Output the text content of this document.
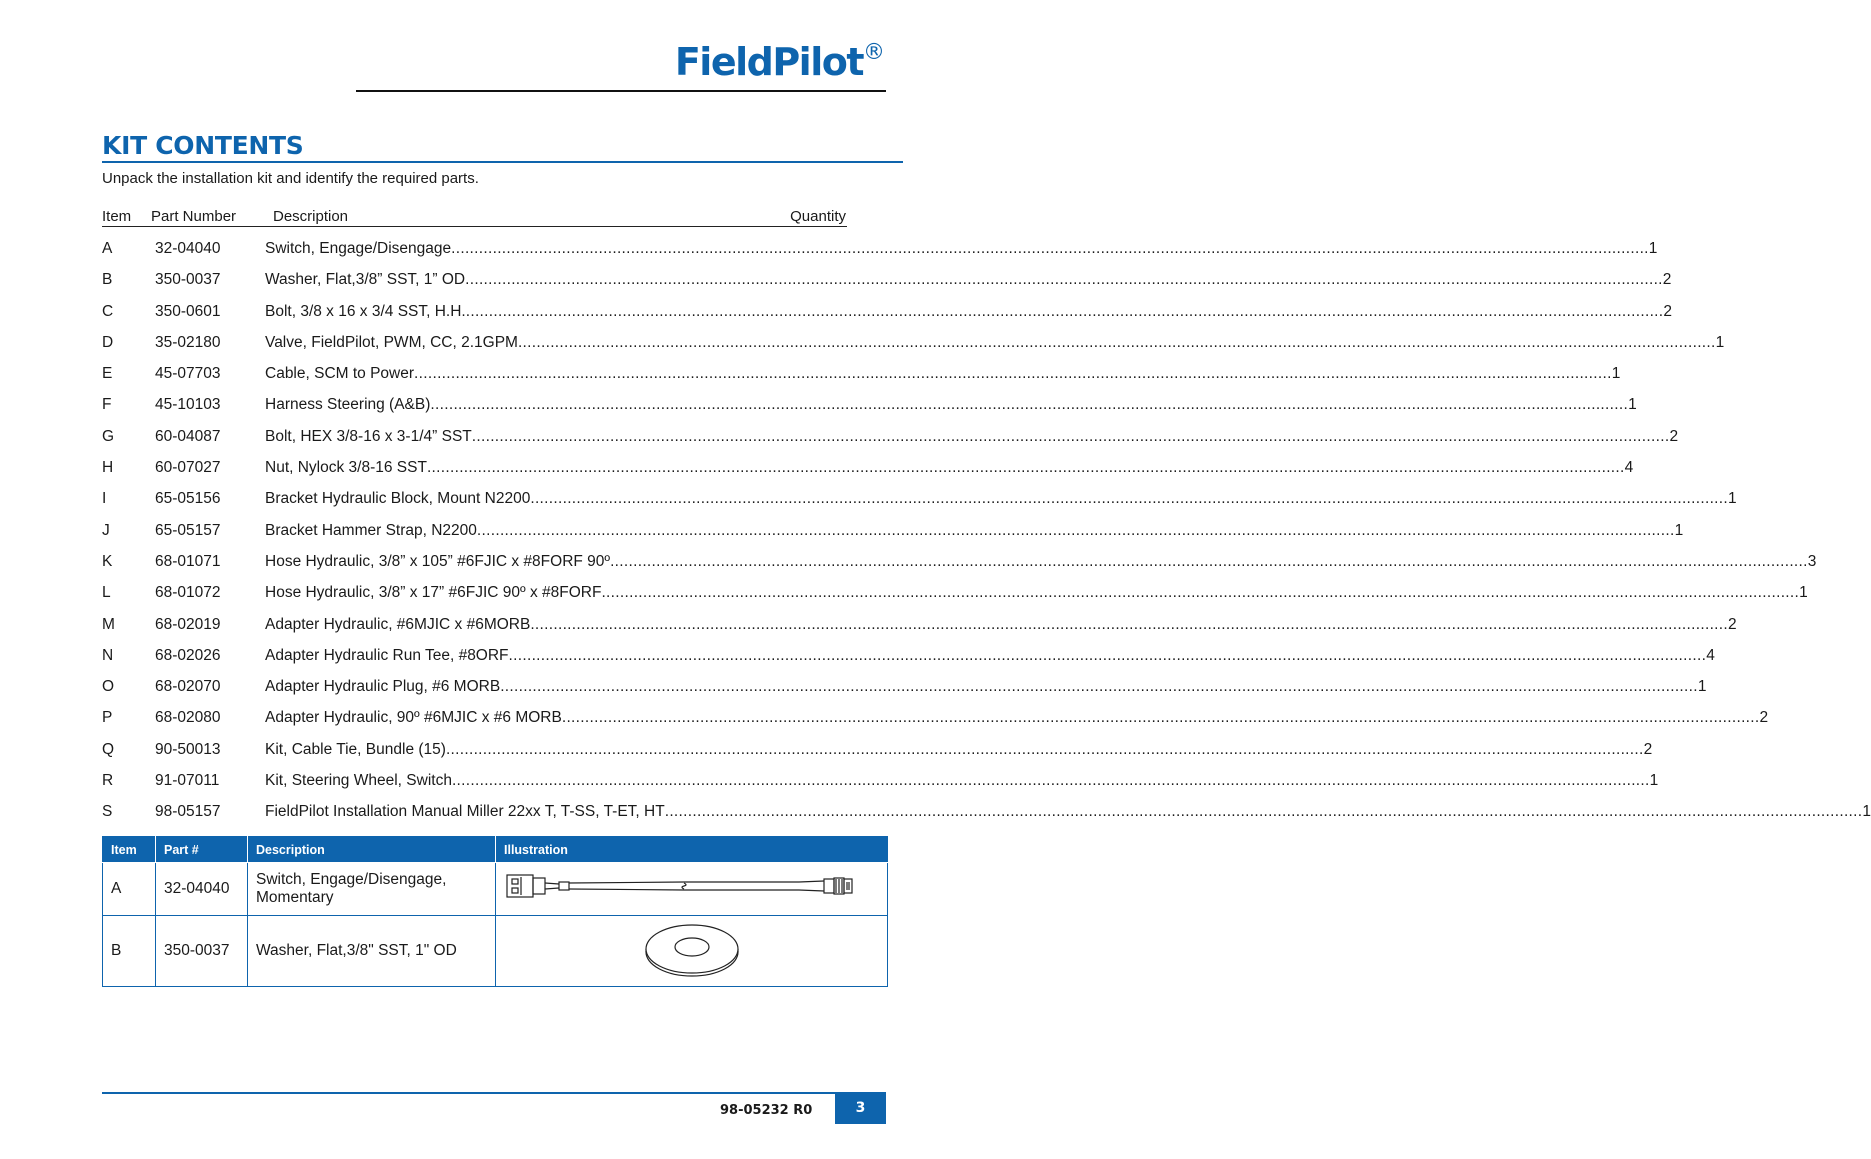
FieldPilot®
KIT CONTENTS
Unpack the installation kit and identify the required parts.
Item Part Number Description	Quantity
A	32-04040	Switch, Engage/Disengage .................................................................................................................................................................................................................................................................... 1
B	350-0037	Washer, Flat,3/8” SST, 1” OD .................................................................................................................................................................................................................................................................... 2
C	350-0601	Bolt, 3/8 x 16 x 3/4 SST, H.H. .................................................................................................................................................................................................................................................................... 2
D	35-02180	Valve, FieldPilot, PWM, CC, 2.1GPM .................................................................................................................................................................................................................................................................... 1
E	45-07703	Cable, SCM to Power .................................................................................................................................................................................................................................................................... 1
F	45-10103	Harness Steering (A&B) .................................................................................................................................................................................................................................................................... 1
G	60-04087	Bolt, HEX 3/8-16 x 3-1/4” SST .................................................................................................................................................................................................................................................................... 2
H	60-07027	Nut, Nylock 3/8-16 SST .................................................................................................................................................................................................................................................................... 4
I	65-05156	Bracket Hydraulic Block, Mount N2200 .................................................................................................................................................................................................................................................................... 1
J	65-05157	Bracket Hammer Strap, N2200 .................................................................................................................................................................................................................................................................... 1
K	68-01071	Hose Hydraulic, 3/8” x 105” #6FJIC x #8FORF 90º .................................................................................................................................................................................................................................................................... 3
L	68-01072	Hose Hydraulic, 3/8” x 17” #6FJIC 90º x #8FORF .................................................................................................................................................................................................................................................................... 1
M	68-02019	Adapter Hydraulic, #6MJIC x #6MORB .................................................................................................................................................................................................................................................................... 2
N	68-02026	Adapter Hydraulic Run Tee, #8ORF .................................................................................................................................................................................................................................................................... 4
O	68-02070	Adapter Hydraulic Plug, #6 MORB .................................................................................................................................................................................................................................................................... 1
P	68-02080	Adapter Hydraulic, 90º #6MJIC x #6 MORB .................................................................................................................................................................................................................................................................... 2
Q	90-50013	Kit, Cable Tie, Bundle (15) .................................................................................................................................................................................................................................................................... 2
R	91-07011	Kit, Steering Wheel, Switch .................................................................................................................................................................................................................................................................... 1
S	98-05157	FieldPilot Installation Manual Miller 22xx T, T-SS, T-ET, HT .................................................................................................................................................................................................................................................................... 1
Item	Part #	Description	Illustration
A	32-04040	Switch, Engage/Disengage, Momentary	
B	350-0037	Washer, Flat,3/8" SST, 1" OD	
98-05232 R0	3
